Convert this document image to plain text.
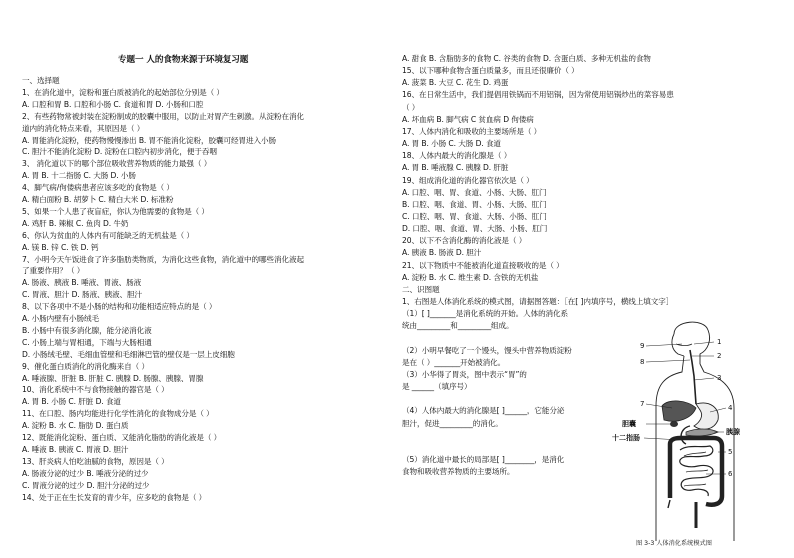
专题一 人的食物来源于环境复习题
一、选择题
1、在消化道中，淀粉和蛋白质被消化的起始部位分别是（ ）
A. 口腔和胃 B. 口腔和小肠 C. 食道和胃 D. 小肠和口腔
2、有些药物常被封装在淀粉制成的胶囊中服用，以防止对胃产生刺激。从淀粉在消化
道内的消化特点来看，其原因是（ ）
A. 胃能消化淀粉，使药物慢慢渗出 B. 胃不能消化淀粉，胶囊可经胃进入小肠
C. 胆汁不能消化淀粉 D. 淀粉在口腔内初步消化，便于吞咽
3、 消化道以下的哪个部位吸收营养物质的能力最强（ ）
A. 胃 B. 十二指肠 C. 大肠 D. 小肠
4、脚气病/佝偻病患者应该多吃的食物是（ ）
A. 精白面粉 B. 胡萝卜 C. 精白大米 D. 标准粉
5、如果一个人患了夜盲症，你认为他需要的食物是（ ）
A. 鸡肝 B. 辣椒 C. 鱼肉 D. 牛奶
6、你认为贫血的人体内有可能缺乏的无机盐是（ ）
A. 镁 B. 锌 C. 铁 D. 钙
7、小明今天午饭进食了许多脂肪类物质，为消化这些食物，消化道中的哪些消化液起
了重要作用？（ ）
A. 肠液、胰液 B. 唾液、胃液、肠液
C. 胃液、胆汁 D. 肠液、胰液、胆汁
8、以下各项中不是小肠的结构和功能相适应特点的是（ ）
A. 小肠内壁有小肠绒毛
B. 小肠中有很多消化腺，能分泌消化液
C. 小肠上端与胃相通，下端与大肠相通
D. 小肠绒毛壁、毛细血管壁和毛细淋巴管的壁仅是一层上皮细胞
9、催化蛋白质消化的消化酶来自（ ）
A. 唾液腺、肝脏 B. 肝脏 C. 胰腺 D. 肠腺、胰腺、胃腺
10、消化系统中不与食物接触的器官是（ ）
A. 胃 B. 小肠 C. 肝脏 D. 食道
11、在口腔、肠内均能进行化学性消化的食物成分是（ ）
A. 淀粉 B. 水 C. 脂肪 D. 蛋白质
12、既能消化淀粉、蛋白质、又能消化脂肪的消化液是（ ）
A. 唾液 B. 胰液 C. 胃液 D. 胆汁
13、肝炎病人怕吃油腻的食物，原因是（ ）
A. 肠液分泌的过少 B. 唾液分泌的过少
C. 胃液分泌的过少 D. 胆汁分泌的过少
14、处于正在生长发育的青少年，应多吃的食物是（ ）
A. 甜食 B. 含脂肪多的食物 C. 谷类的食物 D. 含蛋白质、多种无机盐的食物
15、以下哪种食物含蛋白质量多，而且还很廉价（ ）
A. 菠菜 B. 大豆 C. 花生 D. 鸡蛋
16、在日常生活中，我们提倡用铁锅而不用铝锅，因为常使用铝锅炒出的菜容易患
（ ）
A. 坏血病 B. 脚气病 C 贫血病 D 佝偻病
17、人体内消化和吸收的主要场所是（ ）
A. 胃 B. 小肠 C. 大肠 D. 食道
18、人体内最大的消化腺是（ ）
A. 胃 B. 唾液腺 C. 胰腺 D. 肝脏
19、组成消化道的消化器官依次是（ ）
A. 口腔、咽、胃、食道、小肠、大肠、肛门
B. 口腔、咽、食道、胃、小肠、大肠、肛门
C. 口腔、咽、胃、食道、大肠、小肠、肛门
D. 口腔、咽、食道、胃、大肠、小肠、肛门
20、以下不含消化酶的消化液是（ ）
A. 胰液 B. 肠液 D. 胆汁
21、以下物质中不能被消化道直接吸收的是（ ）
A. 淀粉 B. 水 C. 维生素 D. 含铁的无机盐
二、识图题
1、右图是人体消化系统的模式图，请据图答题：［在[ ]内填序号，横线上填文字］
（1）[ ]_______是消化系统的开始。人体的消化系
统由_________和_________组成。
（2）小明早餐吃了一个馒头，馒头中营养物质淀粉
是在（ ）_______开始被消化。
（3）小华得了胃炎，图中表示“胃”的
是 ______（填序号）
（4）人体内最大的消化腺是[ ]______，它能分泌
胆汁，促进_________的消化。
（5）消化道中最长的局部是[ ]________，是消化
食物和吸收营养物质的主要场所。
9	1
2
8
3
7	4
5
6
胆囊
十二指肠
胰腺
图 3-3 人体消化系统模式图
